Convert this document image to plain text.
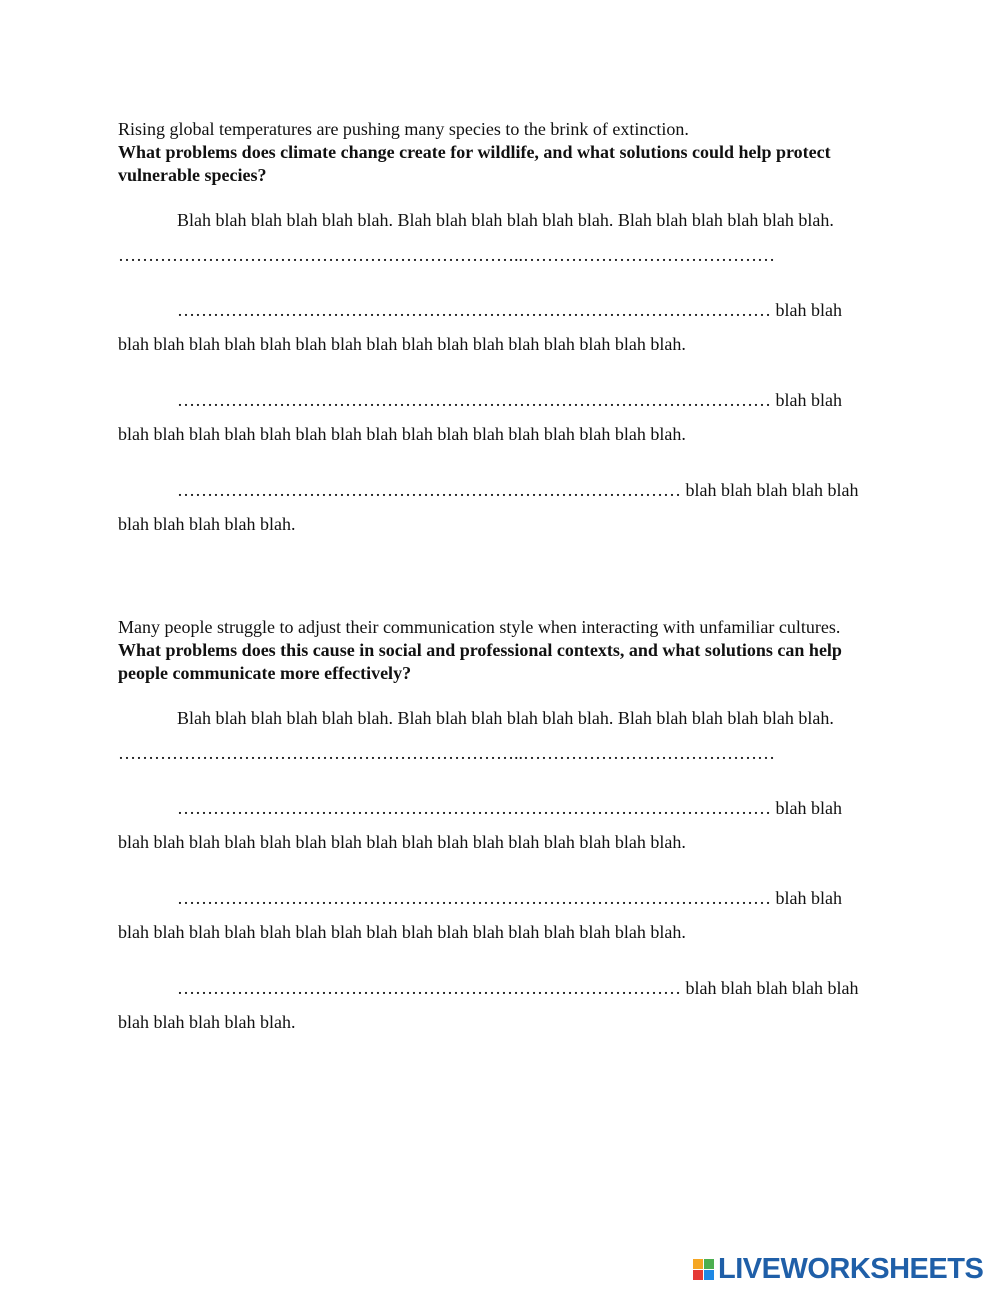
Rising global temperatures are pushing many species to the brink of extinction.
What problems does climate change create for wildlife, and what solutions could help protect
vulnerable species?
Blah blah blah blah blah blah. Blah blah blah blah blah blah. Blah blah blah blah blah blah.
…………………………………………………………..……………………………………
……………………………………………………………………………………… blah blah
blah blah blah blah blah blah blah blah blah blah blah blah blah blah blah blah.
……………………………………………………………………………………… blah blah
blah blah blah blah blah blah blah blah blah blah blah blah blah blah blah blah.
………………………………………………………………………… blah blah blah blah blah
blah blah blah blah blah.
Many people struggle to adjust their communication style when interacting with unfamiliar cultures.
What problems does this cause in social and professional contexts, and what solutions can help
people communicate more effectively?
Blah blah blah blah blah blah. Blah blah blah blah blah blah. Blah blah blah blah blah blah.
…………………………………………………………..……………………………………
……………………………………………………………………………………… blah blah
blah blah blah blah blah blah blah blah blah blah blah blah blah blah blah blah.
……………………………………………………………………………………… blah blah
blah blah blah blah blah blah blah blah blah blah blah blah blah blah blah blah.
………………………………………………………………………… blah blah blah blah blah
blah blah blah blah blah.
LIVEWORKSHEETS
